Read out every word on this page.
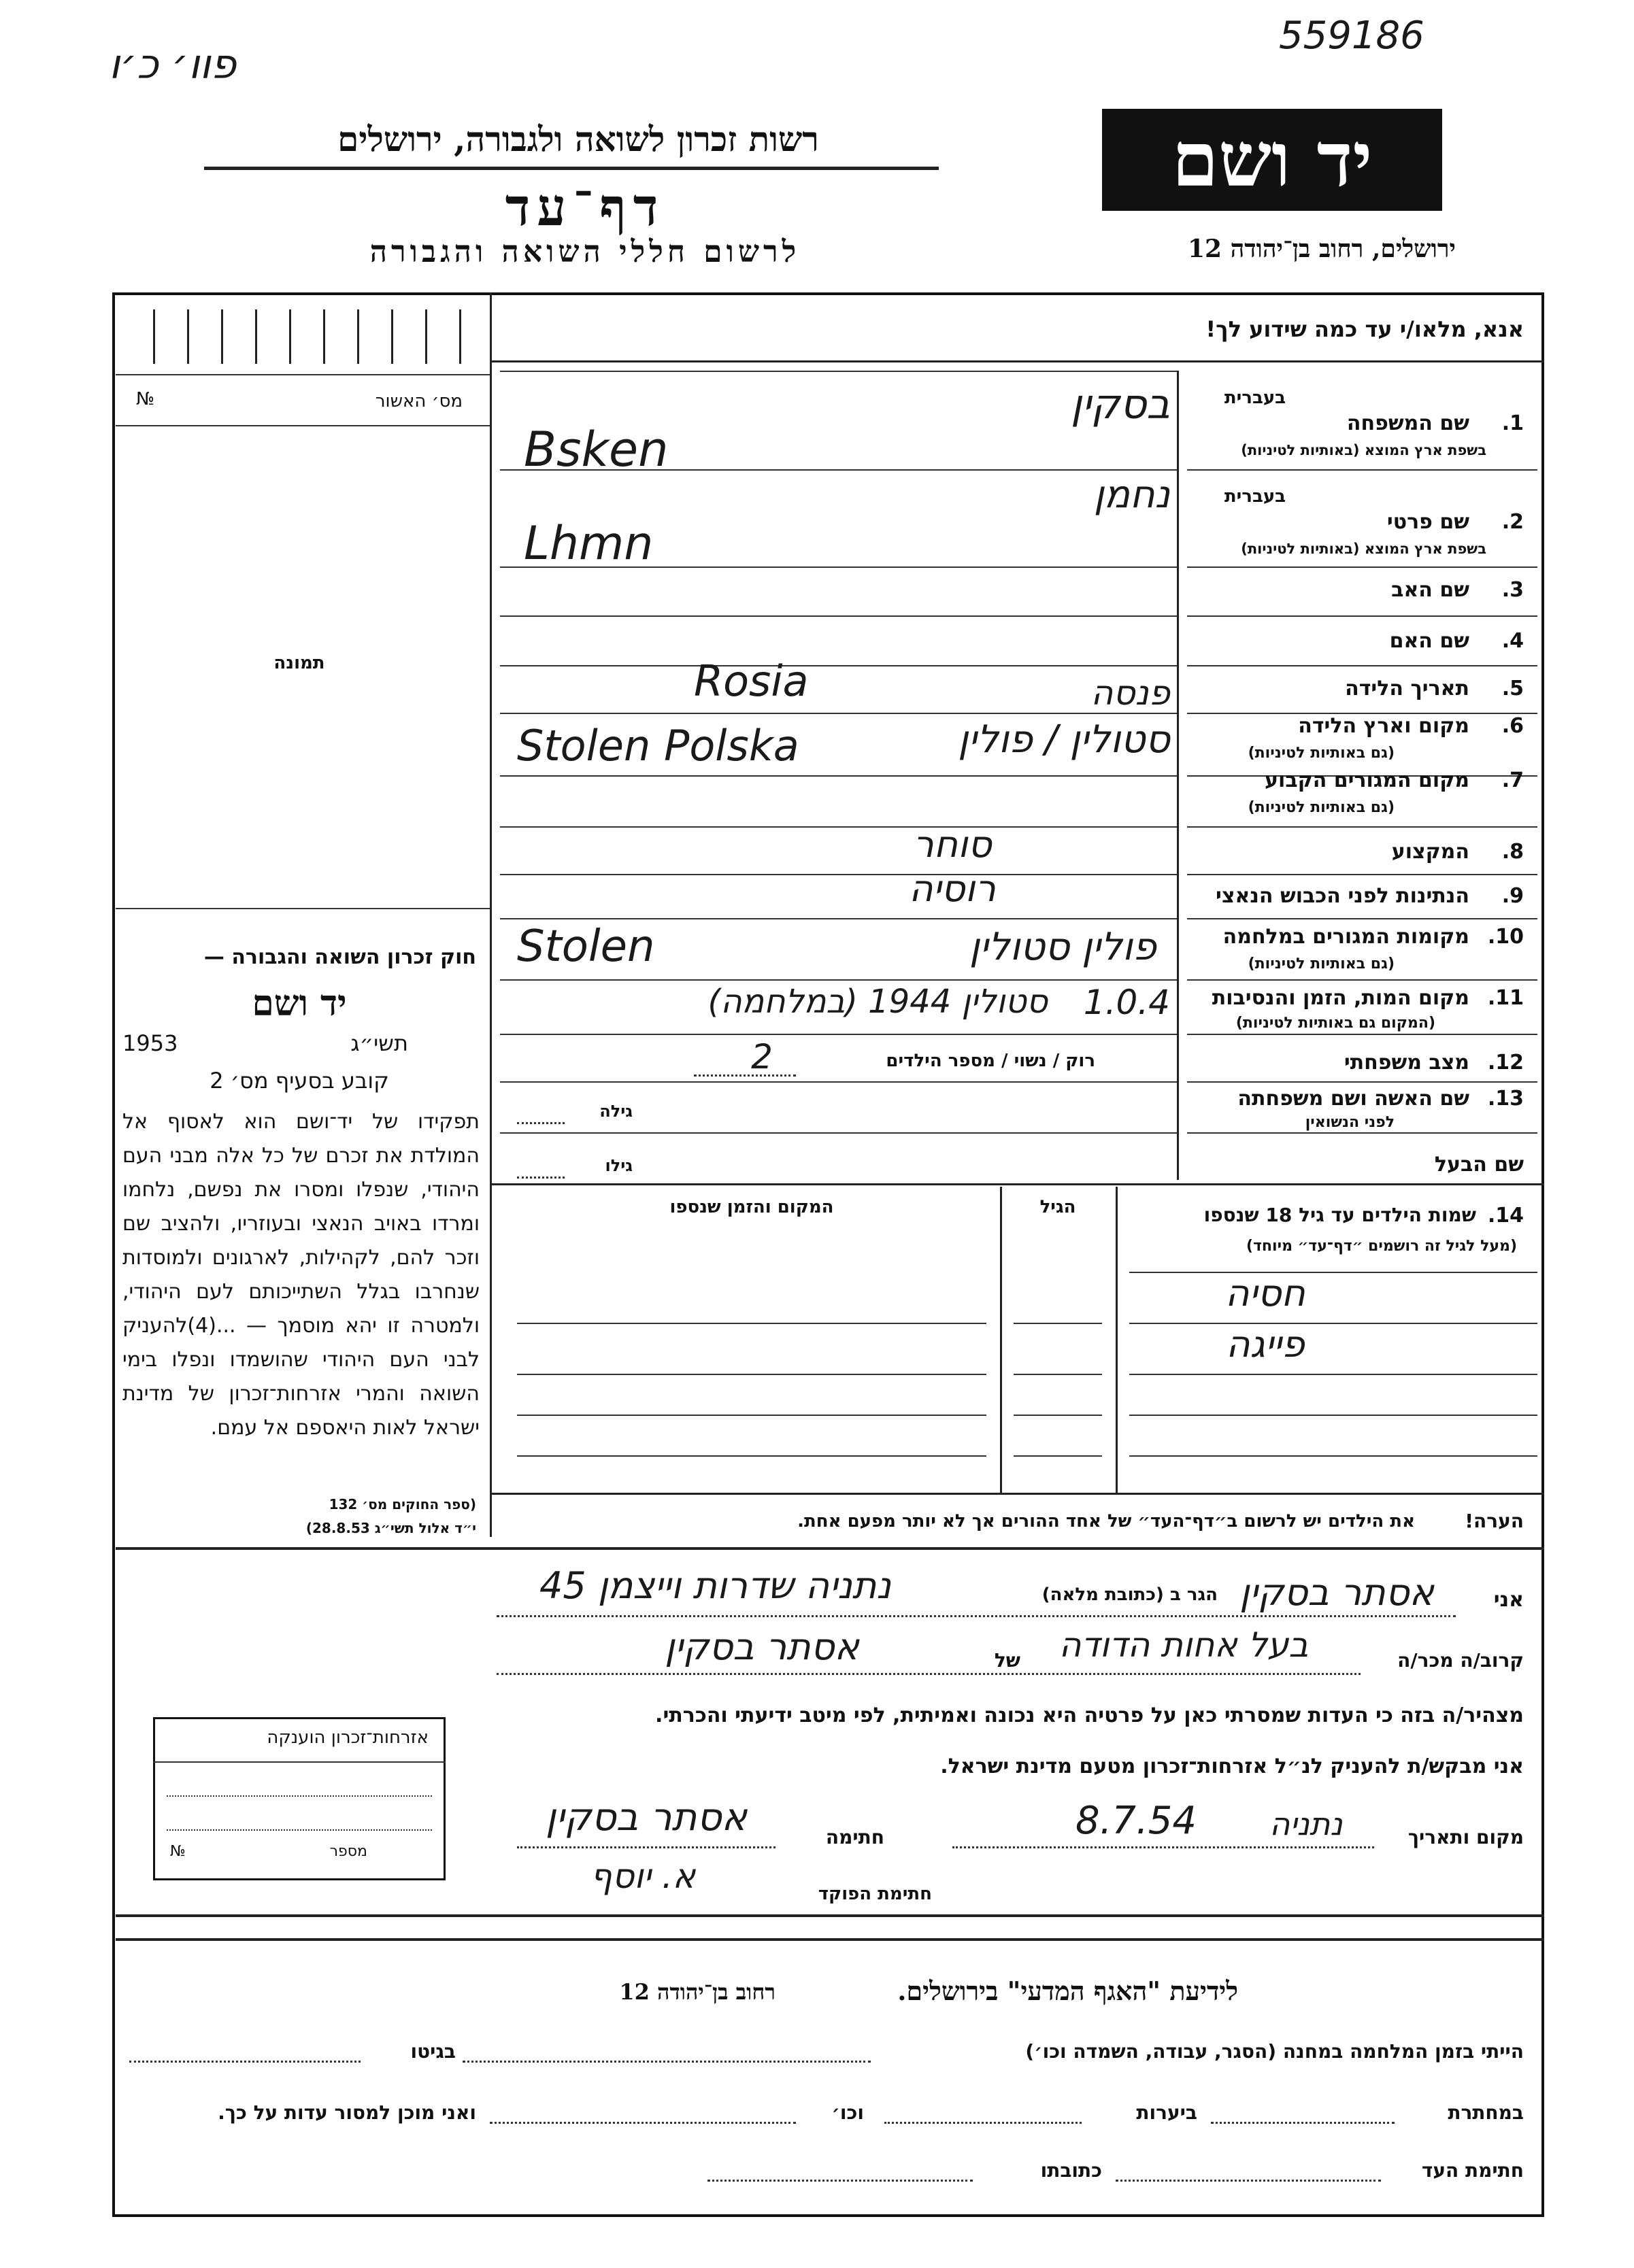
פוו׳ כ׳ו
559186
רשות זכרון לשואה ולגבורה, ירושלים
דף־עד
לרשום חללי השואה והגבורה
יד ושם
ירושלים, רחוב בן־יהודה 12
מס׳ האשור
№
תמונה
חוק זכרון השואה והגבורה —
יד ושם
1953	תשי״ג
קובע בסעיף מס׳ 2
תפקידו של יד־ושם הוא לאסוף אל המולדת את זכרם של כל אלה מבני העם היהודי, שנפלו ומסרו את נפשם, נלחמו ומרדו באויב הנאצי ובעוזריו, ולהציב שם וזכר להם, לקהילות, לארגונים ולמוסדות שנחרבו בגלל השתייכותם לעם היהודי, ולמטרה זו יהא מוסמך — ...(4)להעניק לבני העם היהודי שהושמדו ונפלו בימי השואה והמרי אזרחות־זכרון של מדינת ישראל לאות היאספם אל עמם.
(ספר החוקים מס׳ 132
י״ד אלול תשי״ג 28.8.53)
אנא, מלאו/י עד כמה שידוע לך!
בעברית
1.
שם המשפחה
בשפת ארץ המוצא (באותיות לטיניות)
בסקין
Bsken
בעברית
2.
שם פרטי
בשפת ארץ המוצא (באותיות לטיניות)
נחמן
Lhmn
3.
שם האב
4.
שם האם
5.
תאריך הלידה
פנסה
Rosia
6.
מקום וארץ הלידה
(גם באותיות לטיניות)
סטולין / פולין
Stolen Polska
7.
מקום המגורים הקבוע
(גם באותיות לטיניות)
8.
המקצוע
סוחר
9.
הנתינות לפני הכבוש הנאצי
רוסיה
10.
מקומות המגורים במלחמה
(גם באותיות לטיניות)
פולין סטולין
Stolen
11.
מקום המות, הזמן והנסיבות
(המקום גם באותיות לטיניות)
סטולין 1944 (במלחמה)	1.0.4
12.
מצב משפחתי
רוק / נשוי / מספר הילדים
2
13.
שם האשה ושם משפחתה
לפני הנשואין
גילה
שם הבעל
גילו
14.
שמות הילדים עד גיל 18 שנספו
(מעל לגיל זה רושמים ״דף־עד״ מיוחד)
הגיל
המקום והזמן שנספו
חסיה
פייגה
הערה!
את הילדים יש לרשום ב״דף־העד״ של אחד ההורים אך לא יותר מפעם אחת.
אני
אסתר בסקין
הגר ב (כתובת מלאה)
נתניה שדרות וייצמן 45
קרוב/ה מכר/ה
בעל אחות הדודה
של
אסתר בסקין
מצהיר/ה בזה כי העדות שמסרתי כאן על פרטיה היא נכונה ואמיתית, לפי מיטב ידיעתי והכרתי.
אני מבקש/ת להעניק לנ״ל אזרחות־זכרון מטעם מדינת ישראל.
מקום ותאריך
נתניה
8.7.54
חתימה
אסתר בסקין
חתימת הפוקד
א. יוסף
אזרחות־זכרון הוענקה
מספר
№
לידיעת "האגף המדעי" בירושלים.
רחוב בן־יהודה 12
הייתי בזמן המלחמה במחנה (הסגר, עבודה, השמדה וכו׳)
בגיטו
במחתרת
ביערות
וכו׳
ואני מוכן למסור עדות על כך.
חתימת העד
כתובתו
